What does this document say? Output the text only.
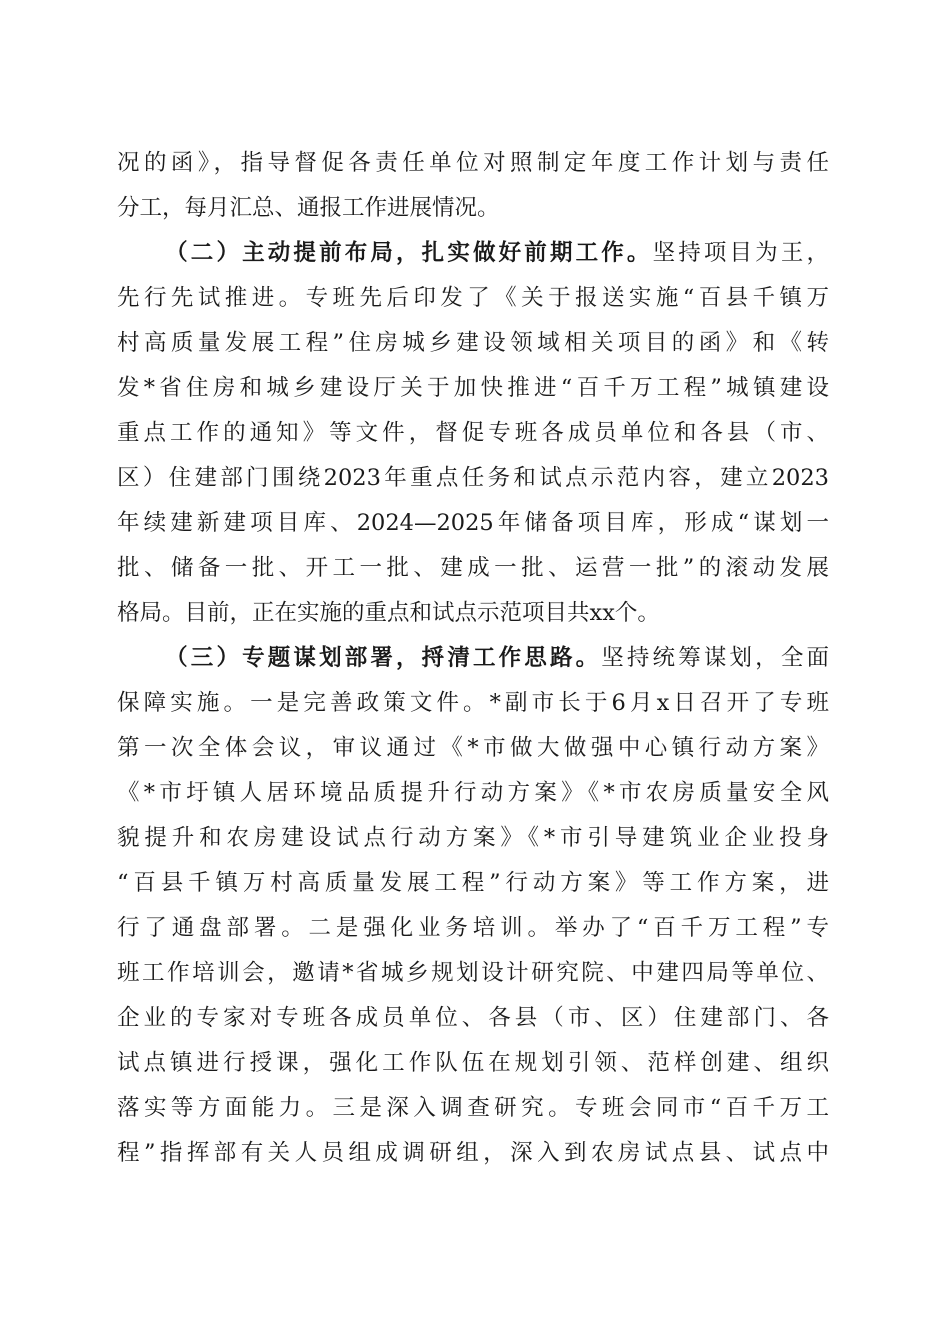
况的函》，指导督促各责任单位对照制定年度工作计划与责任
分工，每月汇总、通报工作进展情况。
（二）主动提前布局，扎实做好前期工作。坚持项目为王，
先行先试推进。专班先后印发了《关于报送实施“百县千镇万
村高质量发展工程”住房城乡建设领域相关项目的函》和《转
发*省住房和城乡建设厅关于加快推进“百千万工程”城镇建设
重点工作的通知》等文件，督促专班各成员单位和各县（市、
区）住建部门围绕2023年重点任务和试点示范内容，建立2023
年续建新建项目库、2024—2025年储备项目库，形成“谋划一
批、储备一批、开工一批、建成一批、运营一批”的滚动发展
格局。目前，正在实施的重点和试点示范项目共xx个。
（三）专题谋划部署，捋清工作思路。坚持统筹谋划，全面
保障实施。一是完善政策文件。*副市长于6月x日召开了专班
第一次全体会议，审议通过《*市做大做强中心镇行动方案》
《*市圩镇人居环境品质提升行动方案》《*市农房质量安全风
貌提升和农房建设试点行动方案》《*市引导建筑业企业投身
“百县千镇万村高质量发展工程”行动方案》等工作方案，进
行了通盘部署。二是强化业务培训。举办了“百千万工程”专
班工作培训会，邀请*省城乡规划设计研究院、中建四局等单位、
企业的专家对专班各成员单位、各县（市、区）住建部门、各
试点镇进行授课，强化工作队伍在规划引领、范样创建、组织
落实等方面能力。三是深入调查研究。专班会同市“百千万工
程”指挥部有关人员组成调研组，深入到农房试点县、试点中
